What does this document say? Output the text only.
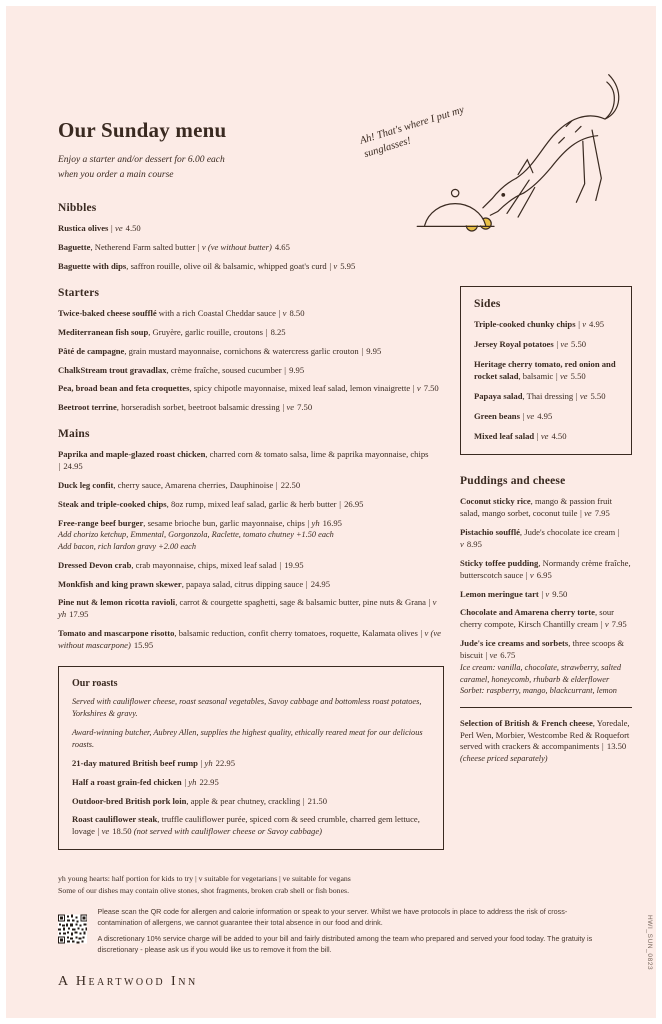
Ah! That's where I put my sunglasses!
Our Sunday menu

Enjoy a starter and/or dessert for 6.00 each
when you order a main course

Nibbles

Rustica olives | ve 4.50

Baguette, Netherend Farm salted butter | v (ve without butter) 4.65

Baguette with dips, saffron rouille, olive oil & balsamic, whipped goat's curd | v 5.95

Starters

Twice-baked cheese soufflé with a rich Coastal Cheddar sauce | v 8.50

Mediterranean fish soup, Gruyère, garlic rouille, croutons | 8.25

Pâté de campagne, grain mustard mayonnaise, cornichons & watercress garlic crouton | 9.95

ChalkStream trout gravadlax, crème fraîche, soused cucumber | 9.95

Pea, broad bean and feta croquettes, spicy chipotle mayonnaise, mixed leaf salad, lemon vinaigrette | v 7.50

Beetroot terrine, horseradish sorbet, beetroot balsamic dressing | ve 7.50

Mains

Paprika and maple-glazed roast chicken, charred corn & tomato salsa, lime & paprika mayonnaise, chips | 24.95

Duck leg confit, cherry sauce, Amarena cherries, Dauphinoise | 22.50

Steak and triple-cooked chips, 8oz rump, mixed leaf salad, garlic & herb butter | 26.95

Free-range beef burger, sesame brioche bun, garlic mayonnaise, chips | yh 16.95
Add chorizo ketchup, Emmental, Gorgonzola, Raclette, tomato chutney +1.50 each
Add bacon, rich lardon gravy +2.00 each

Dressed Devon crab, crab mayonnaise, chips, mixed leaf salad | 19.95

Monkfish and king prawn skewer, papaya salad, citrus dipping sauce | 24.95

Pine nut & lemon ricotta ravioli, carrot & courgette spaghetti, sage & balsamic butter, pine nuts & Grana | v yh 17.95

Tomato and mascarpone risotto, balsamic reduction, confit cherry tomatoes, roquette, Kalamata olives | v (ve without mascarpone) 15.95

Our roasts

Served with cauliflower cheese, roast seasonal vegetables, Savoy cabbage and bottomless roast potatoes, Yorkshires & gravy.

Award-winning butcher, Aubrey Allen, supplies the highest quality, ethically reared meat for our delicious roasts.

21-day matured British beef rump | yh 22.95

Half a roast grain-fed chicken | yh 22.95

Outdoor-bred British pork loin, apple & pear chutney, crackling | 21.50

Roast cauliflower steak, truffle cauliflower purée, spiced corn & seed crumble, charred gem lettuce, lovage | ve 18.50 (not served with cauliflower cheese or Savoy cabbage)

Sides

Triple-cooked chunky chips | v 4.95

Jersey Royal potatoes | ve 5.50

Heritage cherry tomato, red onion and rocket salad, balsamic | ve 5.50

Papaya salad, Thai dressing | ve 5.50

Green beans | ve 4.95

Mixed leaf salad | ve 4.50

Puddings and cheese

Coconut sticky rice, mango & passion fruit salad, mango sorbet, coconut tuile | ve 7.95

Pistachio soufflé, Jude's chocolate ice cream | v 8.95

Sticky toffee pudding, Normandy crème fraîche, butterscotch sauce | v 6.95

Lemon meringue tart | v 9.50

Chocolate and Amarena cherry torte, sour cherry compote, Kirsch Chantilly cream | v 7.95

Jude's ice creams and sorbets, three scoops & biscuit | ve 6.75
Ice cream: vanilla, chocolate, strawberry, salted caramel, honeycomb, rhubarb & elderflower
Sorbet: raspberry, mango, blackcurrant, lemon

Selection of British & French cheese, Yoredale, Perl Wen, Morbier, Westcombe Red & Roquefort served with crackers & accompaniments | 13.50
(cheese priced separately)

yh young hearts: half portion for kids to try | v suitable for vegetarians | ve suitable for vegans

Some of our dishes may contain olive stones, shot fragments, broken crab shell or fish bones.

Please scan the QR code for allergen and calorie information or speak to your server. Whilst we have protocols in place to address the risk of cross-contamination of allergens, we cannot guarantee their total absence in our food and drink.

A discretionary 10% service charge will be added to your bill and fairly distributed among the team who prepared and served your food today. The gratuity is discretionary - please ask us if you would like us to remove it from the bill.

A Heartwood Inn
HWI_SUN_0823
